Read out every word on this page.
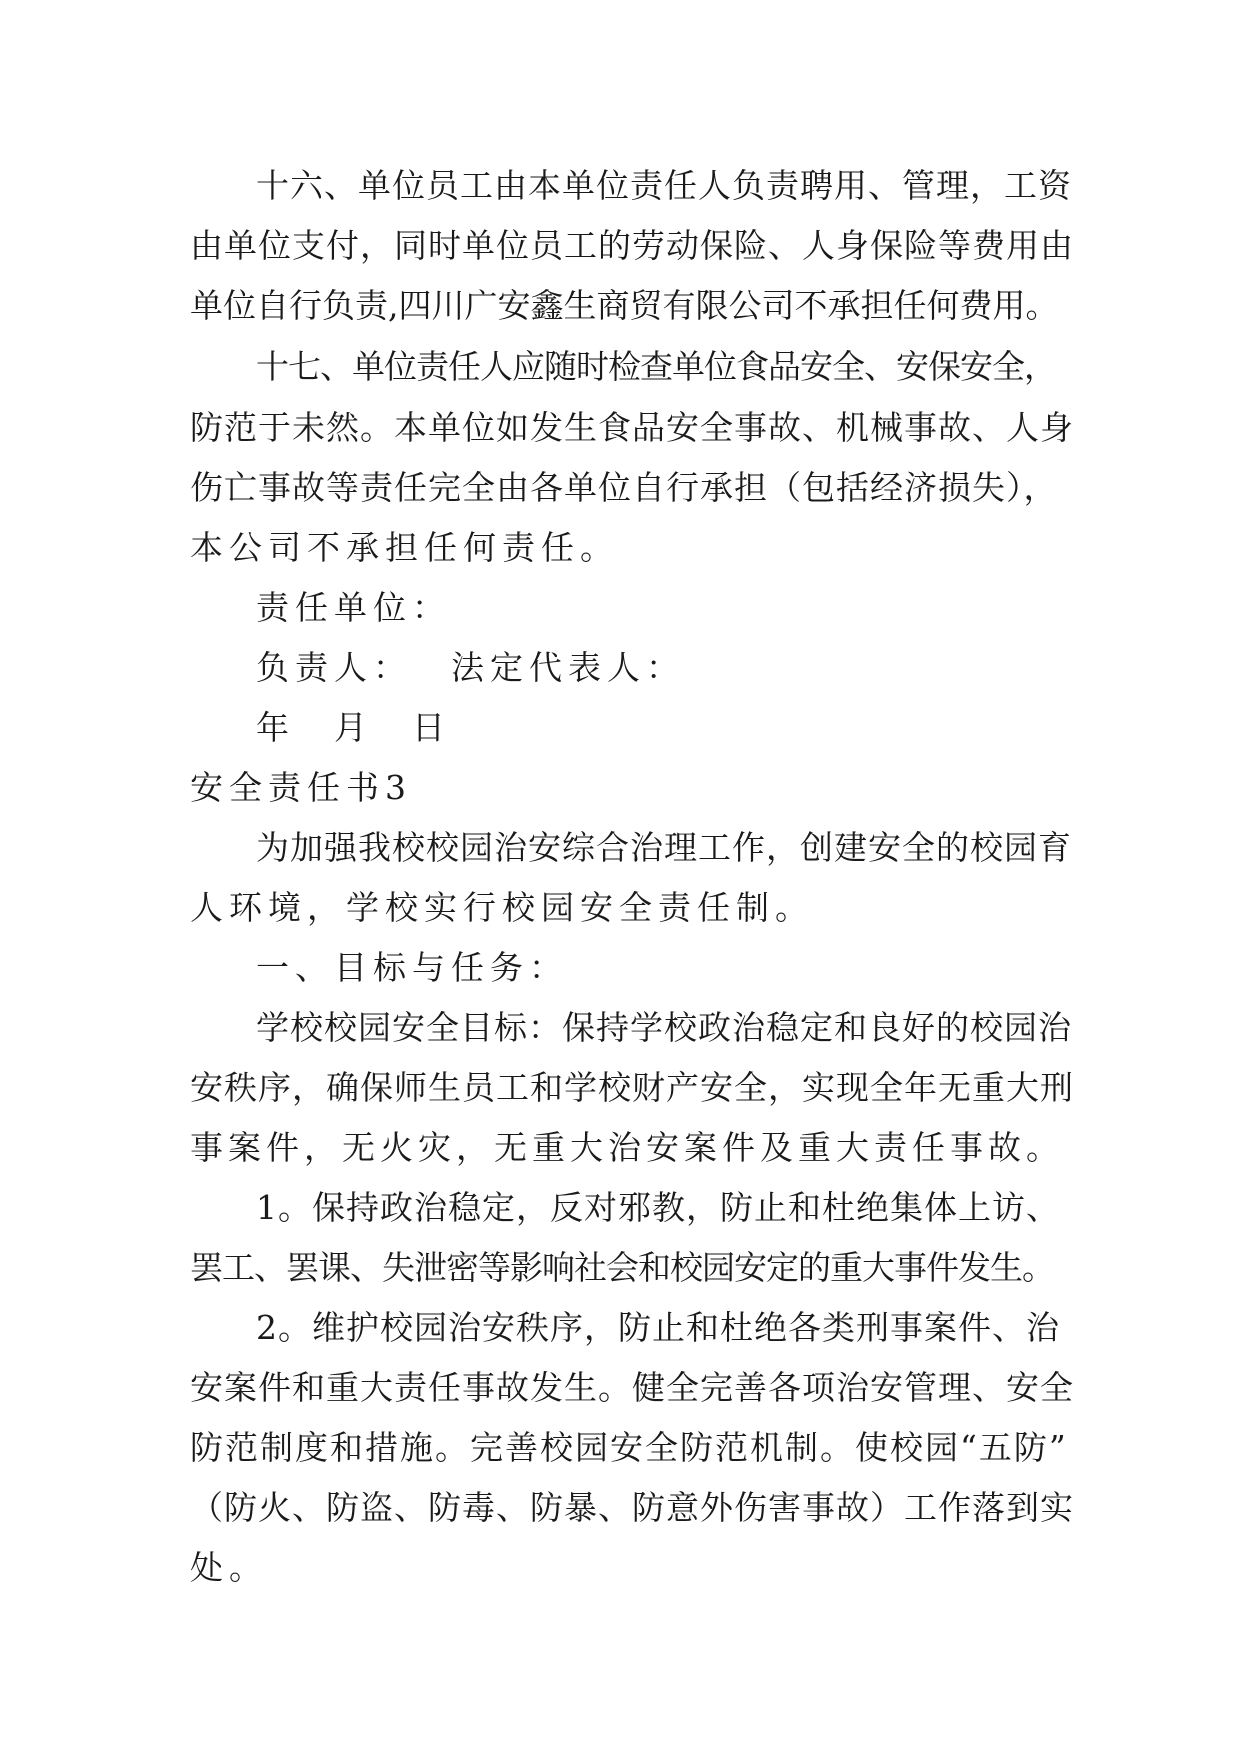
十六、单位员工由本单位责任人负责聘用、管理，工资
由单位支付，同时单位员工的劳动保险、人身保险等费用由
单位自行负责,四川广安鑫生商贸有限公司不承担任何费用。
十七、单位责任人应随时检查单位食品安全、安保安全，
防范于未然。本单位如发生食品安全事故、机械事故、人身
伤亡事故等责任完全由各单位自行承担（包括经济损失），
本公司不承担任何责任。
责任单位：
负责人：　 法定代表人：
年　月　日
安全责任书3
为加强我校校园治安综合治理工作，创建安全的校园育
人环境，学校实行校园安全责任制。
一、目标与任务：
学校校园安全目标：保持学校政治稳定和良好的校园治
安秩序，确保师生员工和学校财产安全，实现全年无重大刑
事案件，无火灾，无重大治安案件及重大责任事故。
1。保持政治稳定，反对邪教，防止和杜绝集体上访、
罢工、罢课、失泄密等影响社会和校园安定的重大事件发生。
2。维护校园治安秩序，防止和杜绝各类刑事案件、治
安案件和重大责任事故发生。健全完善各项治安管理、安全
防范制度和措施。完善校园安全防范机制。使校园“五防”
（防火、防盗、防毒、防暴、防意外伤害事故）工作落到实
处。
